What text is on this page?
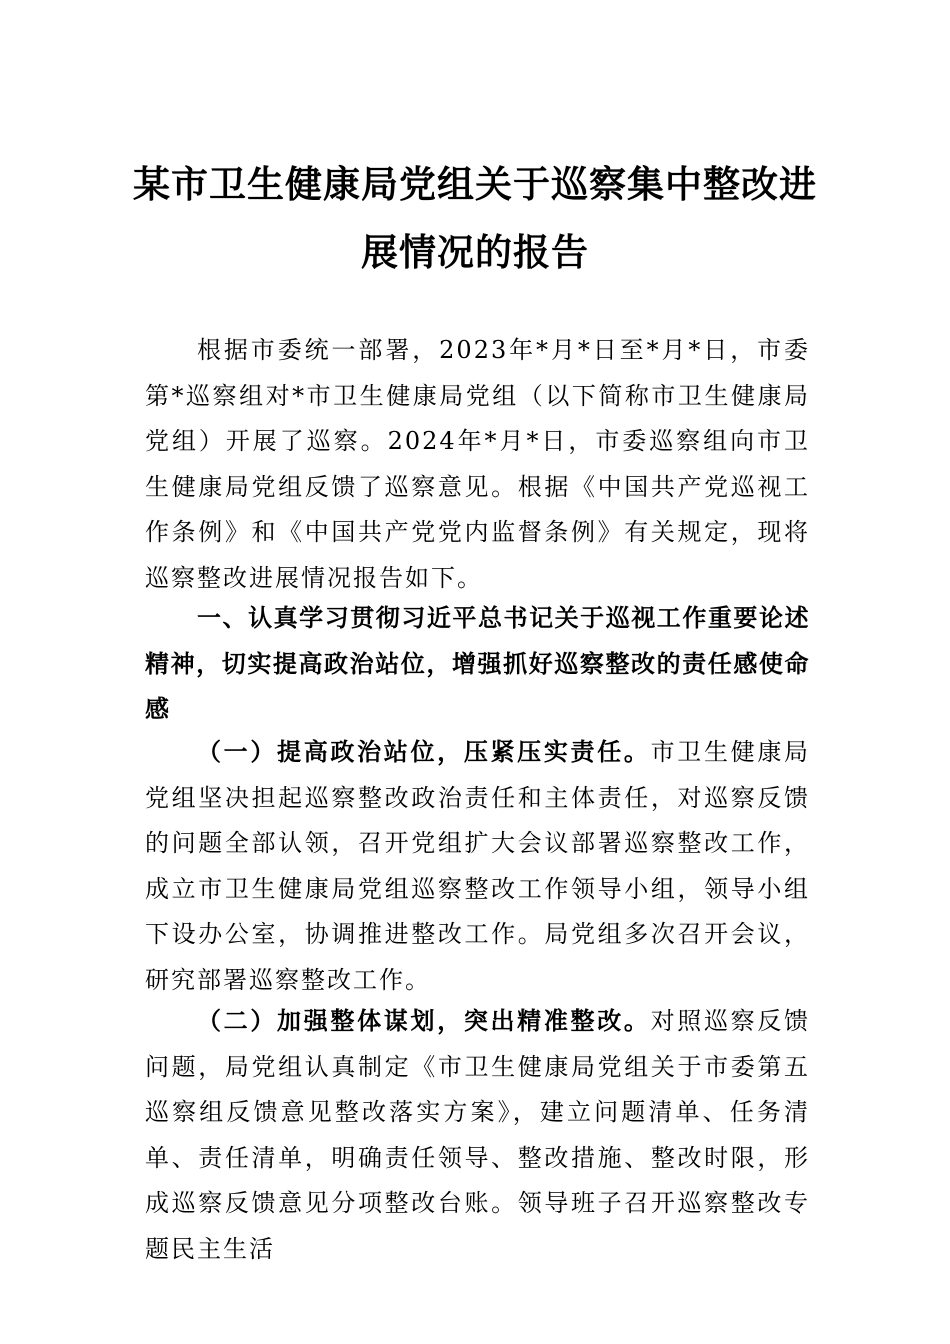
某市卫生健康局党组关于巡察集中整改进展情况的报告
根据市委统一部署，2023年*月*日至*月*日，市委第*巡察组对*市卫生健康局党组（以下简称市卫生健康局党组）开展了巡察。2024年*月*日，市委巡察组向市卫生健康局党组反馈了巡察意见。根据《中国共产党巡视工作条例》和《中国共产党党内监督条例》有关规定，现将巡察整改进展情况报告如下。
一、认真学习贯彻习近平总书记关于巡视工作重要论述精神，切实提高政治站位，增强抓好巡察整改的责任感使命感
（一）提高政治站位，压紧压实责任。市卫生健康局党组坚决担起巡察整改政治责任和主体责任，对巡察反馈的问题全部认领，召开党组扩大会议部署巡察整改工作，成立市卫生健康局党组巡察整改工作领导小组，领导小组下设办公室，协调推进整改工作。局党组多次召开会议，研究部署巡察整改工作。
（二）加强整体谋划，突出精准整改。对照巡察反馈问题，局党组认真制定《市卫生健康局党组关于市委第五巡察组反馈意见整改落实方案》，建立问题清单、任务清单、责任清单，明确责任领导、整改措施、整改时限，形成巡察反馈意见分项整改台账。领导班子召开巡察整改专题民主生活
